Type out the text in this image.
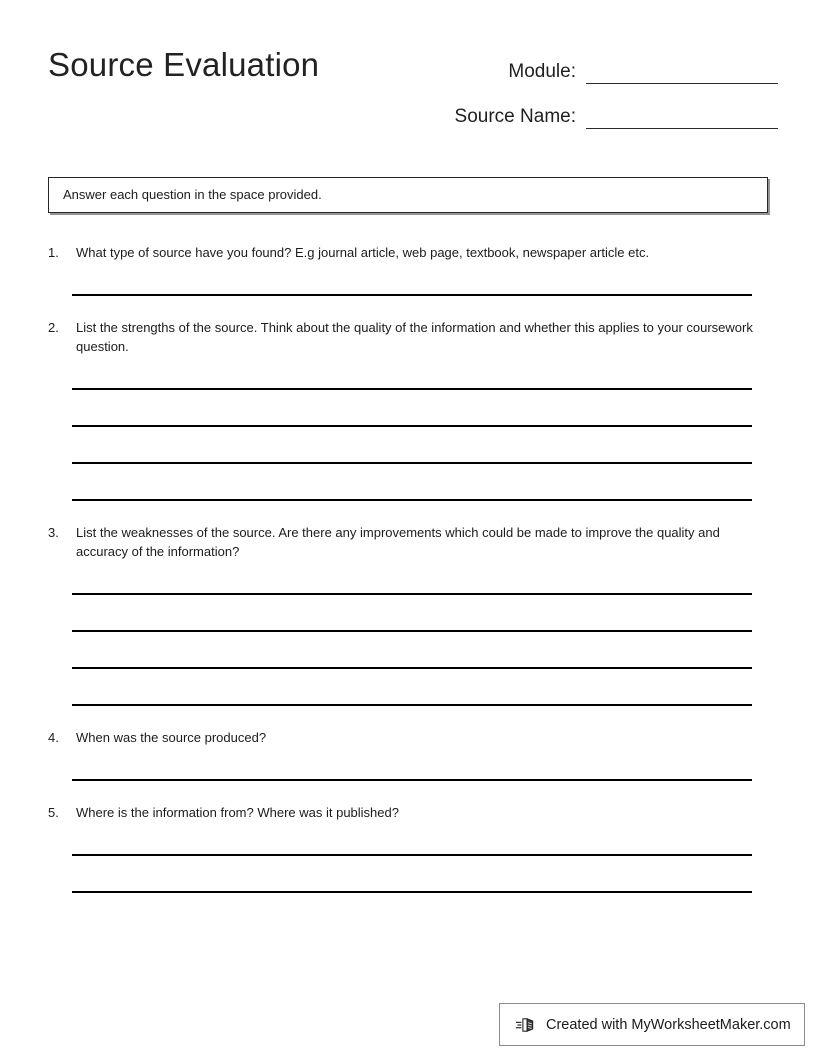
Source Evaluation	Module:
Source Name:
Answer each question in the space provided.
1.	What type of source have you found? E.g journal article, web page, textbook, newspaper article etc.
2.	List the strengths of the source. Think about the quality of the information and whether this applies to your coursework question.
3.	List the weaknesses of the source. Are there any improvements which could be made to improve the quality and accuracy of the information?
4.	When was the source produced?
5.	Where is the information from? Where was it published?
Created with MyWorksheetMaker.com
